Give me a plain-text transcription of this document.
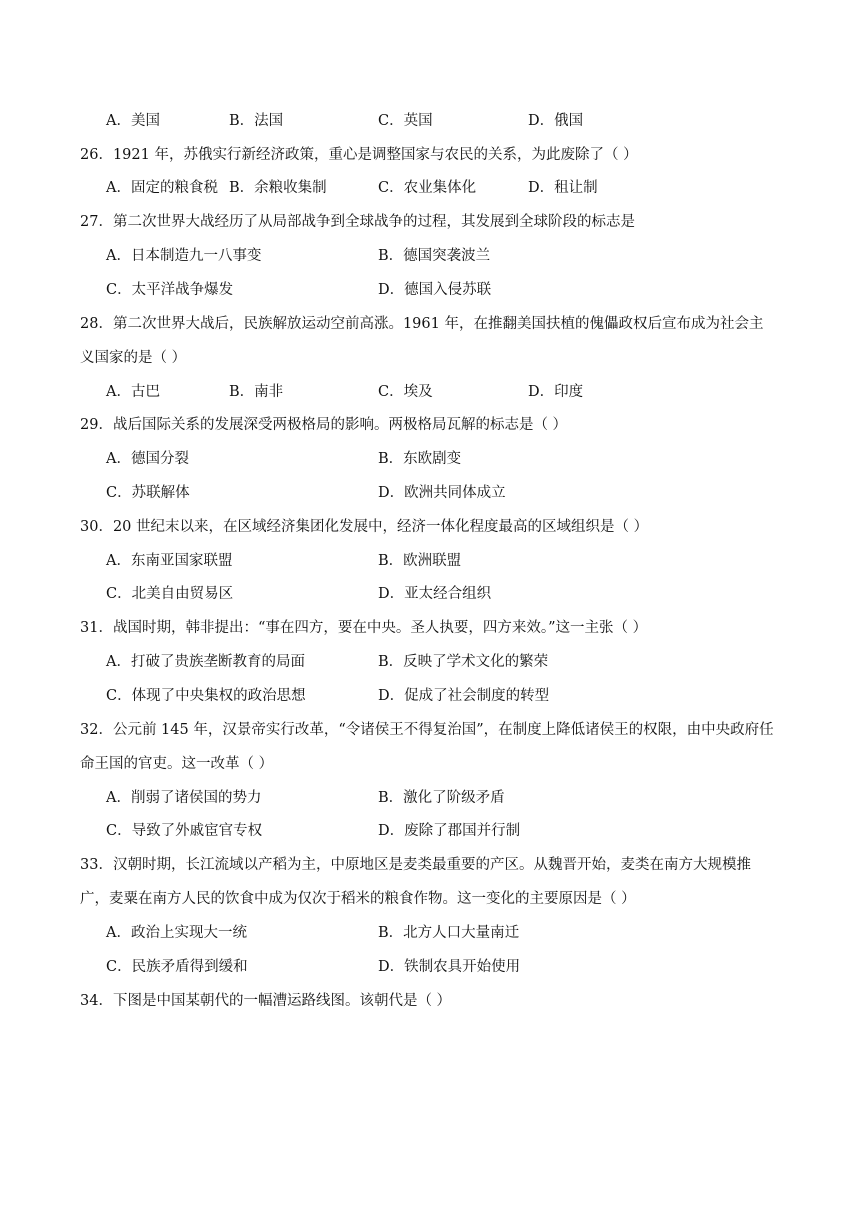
A．美国	B．法国	C．英国	D．俄国
26．1921 年，苏俄实行新经济政策，重心是调整国家与农民的关系，为此废除了（ ）
A．固定的粮食税 B．余粮收集制	C．农业集体化	D．租让制
27．第二次世界大战经历了从局部战争到全球战争的过程，其发展到全球阶段的标志是
A．日本制造九一八事变	B．德国突袭波兰
C．太平洋战争爆发	D．德国入侵苏联
28．第二次世界大战后，民族解放运动空前高涨。1961 年，在推翻美国扶植的傀儡政权后宣布成为社会主
义国家的是（ ）
A．古巴	B．南非	C．埃及	D．印度
29．战后国际关系的发展深受两极格局的影响。两极格局瓦解的标志是（ ）
A．德国分裂	B．东欧剧变
C．苏联解体	D．欧洲共同体成立
30．20 世纪末以来，在区域经济集团化发展中，经济一体化程度最高的区域组织是（ ）
A．东南亚国家联盟	B．欧洲联盟
C．北美自由贸易区	D．亚太经合组织
31．战国时期，韩非提出：“事在四方，要在中央。圣人执要，四方来效。”这一主张（ ）
A．打破了贵族垄断教育的局面	B．反映了学术文化的繁荣
C．体现了中央集权的政治思想	D．促成了社会制度的转型
32．公元前 145 年，汉景帝实行改革，“令诸侯王不得复治国”，在制度上降低诸侯王的权限，由中央政府任
命王国的官吏。这一改革（ ）
A．削弱了诸侯国的势力	B．激化了阶级矛盾
C．导致了外戚宦官专权	D．废除了郡国并行制
33．汉朝时期，长江流域以产稻为主，中原地区是麦类最重要的产区。从魏晋开始，麦类在南方大规模推
广，麦粟在南方人民的饮食中成为仅次于稻米的粮食作物。这一变化的主要原因是（ ）
A．政治上实现大一统	B．北方人口大量南迁
C．民族矛盾得到缓和	D．铁制农具开始使用
34．下图是中国某朝代的一幅漕运路线图。该朝代是（ ）
